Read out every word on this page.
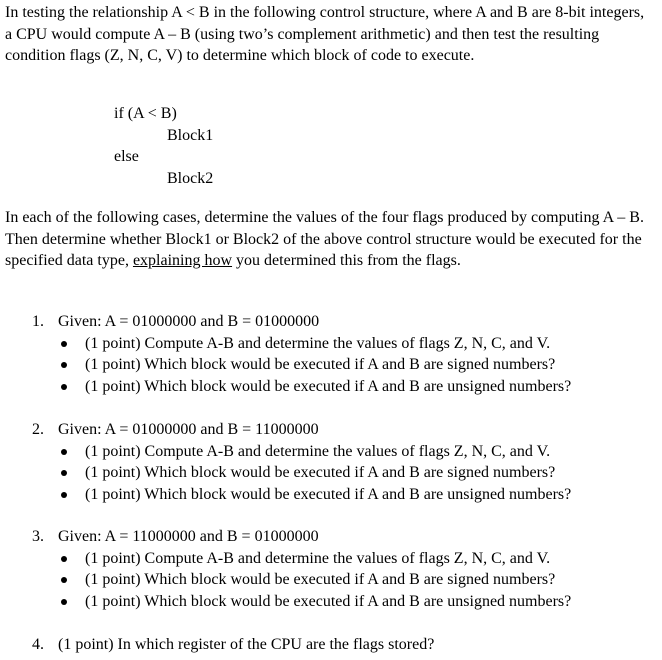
In testing the relationship A < B in the following control structure, where A and B are 8-bit integers, a CPU would compute A – B (using two’s complement arithmetic) and then test the resulting condition flags (Z, N, C, V) to determine which block of code to execute.

if (A < B)
Block1
else
Block2

In each of the following cases, determine the values of the four flags produced by computing A – B. Then determine whether Block1 or Block2 of the above control structure would be executed for the specified data type, explaining how you determined this from the flags.

1. Given: A = 01000000 and B = 01000000
(1 point) Compute A-B and determine the values of flags Z, N, C, and V.
(1 point) Which block would be executed if A and B are signed numbers?
(1 point) Which block would be executed if A and B are unsigned numbers?
2. Given: A = 01000000 and B = 11000000
(1 point) Compute A-B and determine the values of flags Z, N, C, and V.
(1 point) Which block would be executed if A and B are signed numbers?
(1 point) Which block would be executed if A and B are unsigned numbers?
3. Given: A = 11000000 and B = 01000000
(1 point) Compute A-B and determine the values of flags Z, N, C, and V.
(1 point) Which block would be executed if A and B are signed numbers?
(1 point) Which block would be executed if A and B are unsigned numbers?
4. (1 point) In which register of the CPU are the flags stored?
